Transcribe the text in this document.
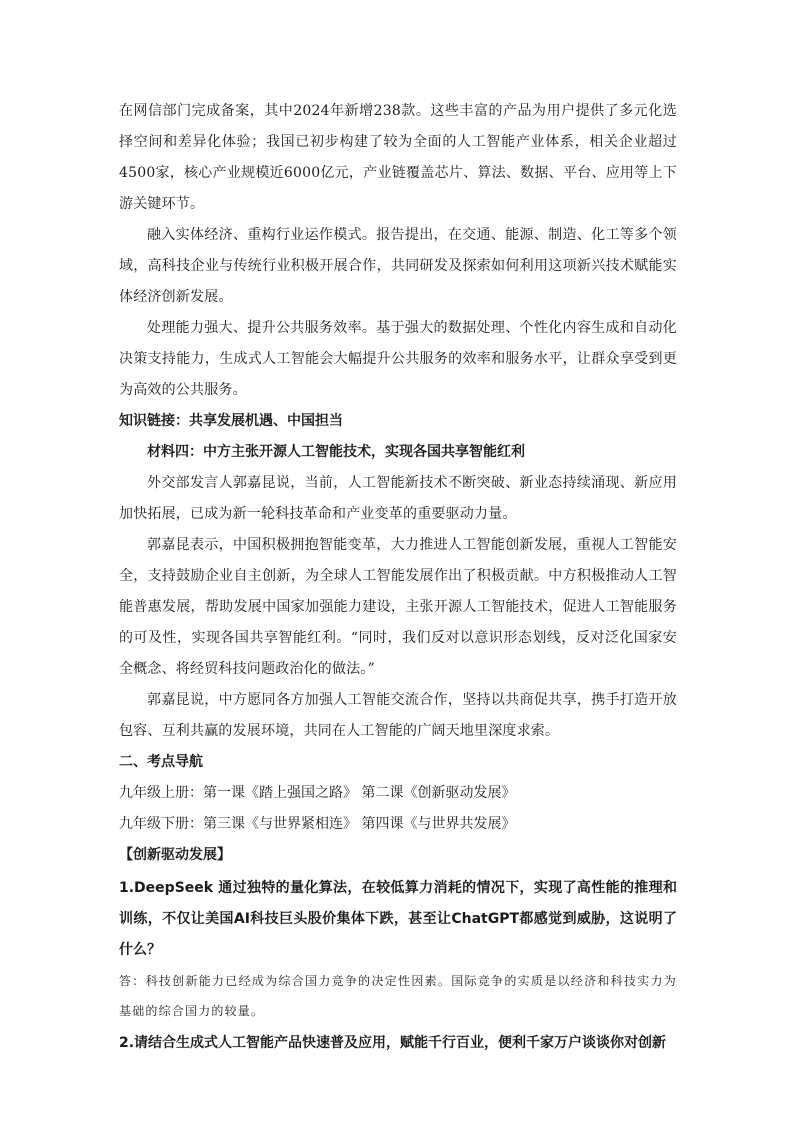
在网信部门完成备案，其中2024年新增238款。这些丰富的产品为用户提供了多元化选择空间和差异化体验；我国已初步构建了较为全面的人工智能产业体系，相关企业超过4500家，核心产业规模近6000亿元，产业链覆盖芯片、算法、数据、平台、应用等上下游关键环节。

融入实体经济、重构行业运作模式。报告提出，在交通、能源、制造、化工等多个领域，高科技企业与传统行业积极开展合作，共同研发及探索如何利用这项新兴技术赋能实体经济创新发展。

处理能力强大、提升公共服务效率。基于强大的数据处理、个性化内容生成和自动化决策支持能力，生成式人工智能会大幅提升公共服务的效率和服务水平，让群众享受到更为高效的公共服务。

知识链接：共享发展机遇、中国担当

材料四：中方主张开源人工智能技术，实现各国共享智能红利

外交部发言人郭嘉昆说，当前，人工智能新技术不断突破、新业态持续涌现、新应用加快拓展，已成为新一轮科技革命和产业变革的重要驱动力量。

郭嘉昆表示，中国积极拥抱智能变革，大力推进人工智能创新发展，重视人工智能安全，支持鼓励企业自主创新，为全球人工智能发展作出了积极贡献。中方积极推动人工智能普惠发展，帮助发展中国家加强能力建设，主张开源人工智能技术，促进人工智能服务的可及性，实现各国共享智能红利。“同时，我们反对以意识形态划线，反对泛化国家安全概念、将经贸科技问题政治化的做法。”

郭嘉昆说，中方愿同各方加强人工智能交流合作，坚持以共商促共享，携手打造开放包容、互利共赢的发展环境，共同在人工智能的广阔天地里深度求索。

二、考点导航

九年级上册：第一课《踏上强国之路》 第二课《创新驱动发展》

九年级下册：第三课《与世界紧相连》 第四课《与世界共发展》

【创新驱动发展】

1.DeepSeek 通过独特的量化算法，在较低算力消耗的情况下，实现了高性能的推理和训练，不仅让美国AI科技巨头股价集体下跌，甚至让ChatGPT都感觉到威胁，这说明了什么？

答：科技创新能力已经成为综合国力竞争的决定性因素。国际竞争的实质是以经济和科技实力为基础的综合国力的较量。

2.请结合生成式人工智能产品快速普及应用，赋能千行百业，便利千家万户谈谈你对创新
